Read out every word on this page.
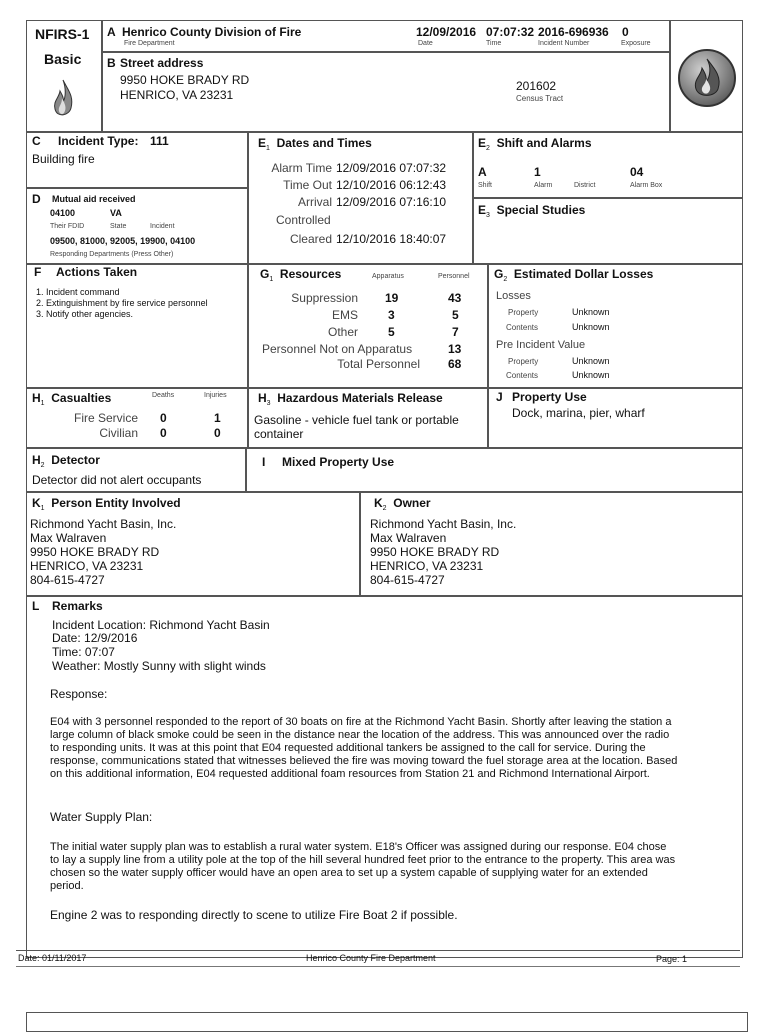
NFIRS-1
Basic
A Henrico County Division of Fire
Fire Department
12/09/2016 07:07:32 2016-696936 0
Date	Time	Incident Number	Exposure
B Street address
9950 HOKE BRADY RD
HENRICO, VA 23231
201602
Census Tract
C Incident Type: 111
Building fire
D Mutual aid received
04100	VA
Their FDID	State	Incident
09500, 81000, 92005, 19900, 04100
Responding Departments (Press Other)
$E_1$ Dates and Times
Alarm Time 12/09/2016 07:07:32
Time Out 12/10/2016 06:12:43
Arrival 12/09/2016 07:16:10
Controlled
Cleared 12/10/2016 18:40:07
$E_2$ Shift and Alarms
A	1	04
Shift	Alarm	District	Alarm Box
$E_3$ Special Studies
F Actions Taken
1. Incident command
2. Extinguishment by fire service personnel
3. Notify other agencies.
$G_1$ Resources	Apparatus	Personnel
Suppression 19	43
EMS	3	5
Other	5	7
Personnel Not on Apparatus	13
Total Personnel 68
$G_2$ Estimated Dollar Losses
Losses
Property	Unknown
Contents	Unknown
Pre Incident Value
Property	Unknown
Contents	Unknown
$H_1$ Casualties	Deaths	Injuries
Fire Service 0	1
Civilian 0	0
$H_3$ Hazardous Materials Release
Gasoline - vehicle fuel tank or portable
container
J Property Use
Dock, marina, pier, wharf
$H_2$ Detector
Detector did not alert occupants
I Mixed Property Use
$K_1$ Person Entity Involved
Richmond Yacht Basin, Inc.
Max Walraven
9950 HOKE BRADY RD
HENRICO, VA 23231
804-615-4727
$K_2$ Owner
Richmond Yacht Basin, Inc.
Max Walraven
9950 HOKE BRADY RD
HENRICO, VA 23231
804-615-4727
L Remarks
Incident Location: Richmond Yacht Basin
Date: 12/9/2016
Time: 07:07
Weather: Mostly Sunny with slight winds
Response:
E04 with 3 personnel responded to the report of 30 boats on fire at the Richmond Yacht Basin. Shortly after leaving the station a large column of black smoke could be seen in the distance near the location of the address. This was announced over the radio to responding units. It was at this point that E04 requested additional tankers be assigned to the call for service. During the response, communications stated that witnesses believed the fire was moving toward the fuel storage area at the location. Based on this additional information, E04 requested additional foam resources from Station 21 and Richmond International Airport.
Water Supply Plan:
The initial water supply plan was to establish a rural water system. E18's Officer was assigned during our response. E04 chose to lay a supply line from a utility pole at the top of the hill several hundred feet prior to the entrance to the property. This area was chosen so the water supply officer would have an open area to set up a system capable of supplying water for an extended period.
Engine 2 was to responding directly to scene to utilize Fire Boat 2 if possible.
Date: 01/11/2017	Henrico County Fire Department	Page: 1
